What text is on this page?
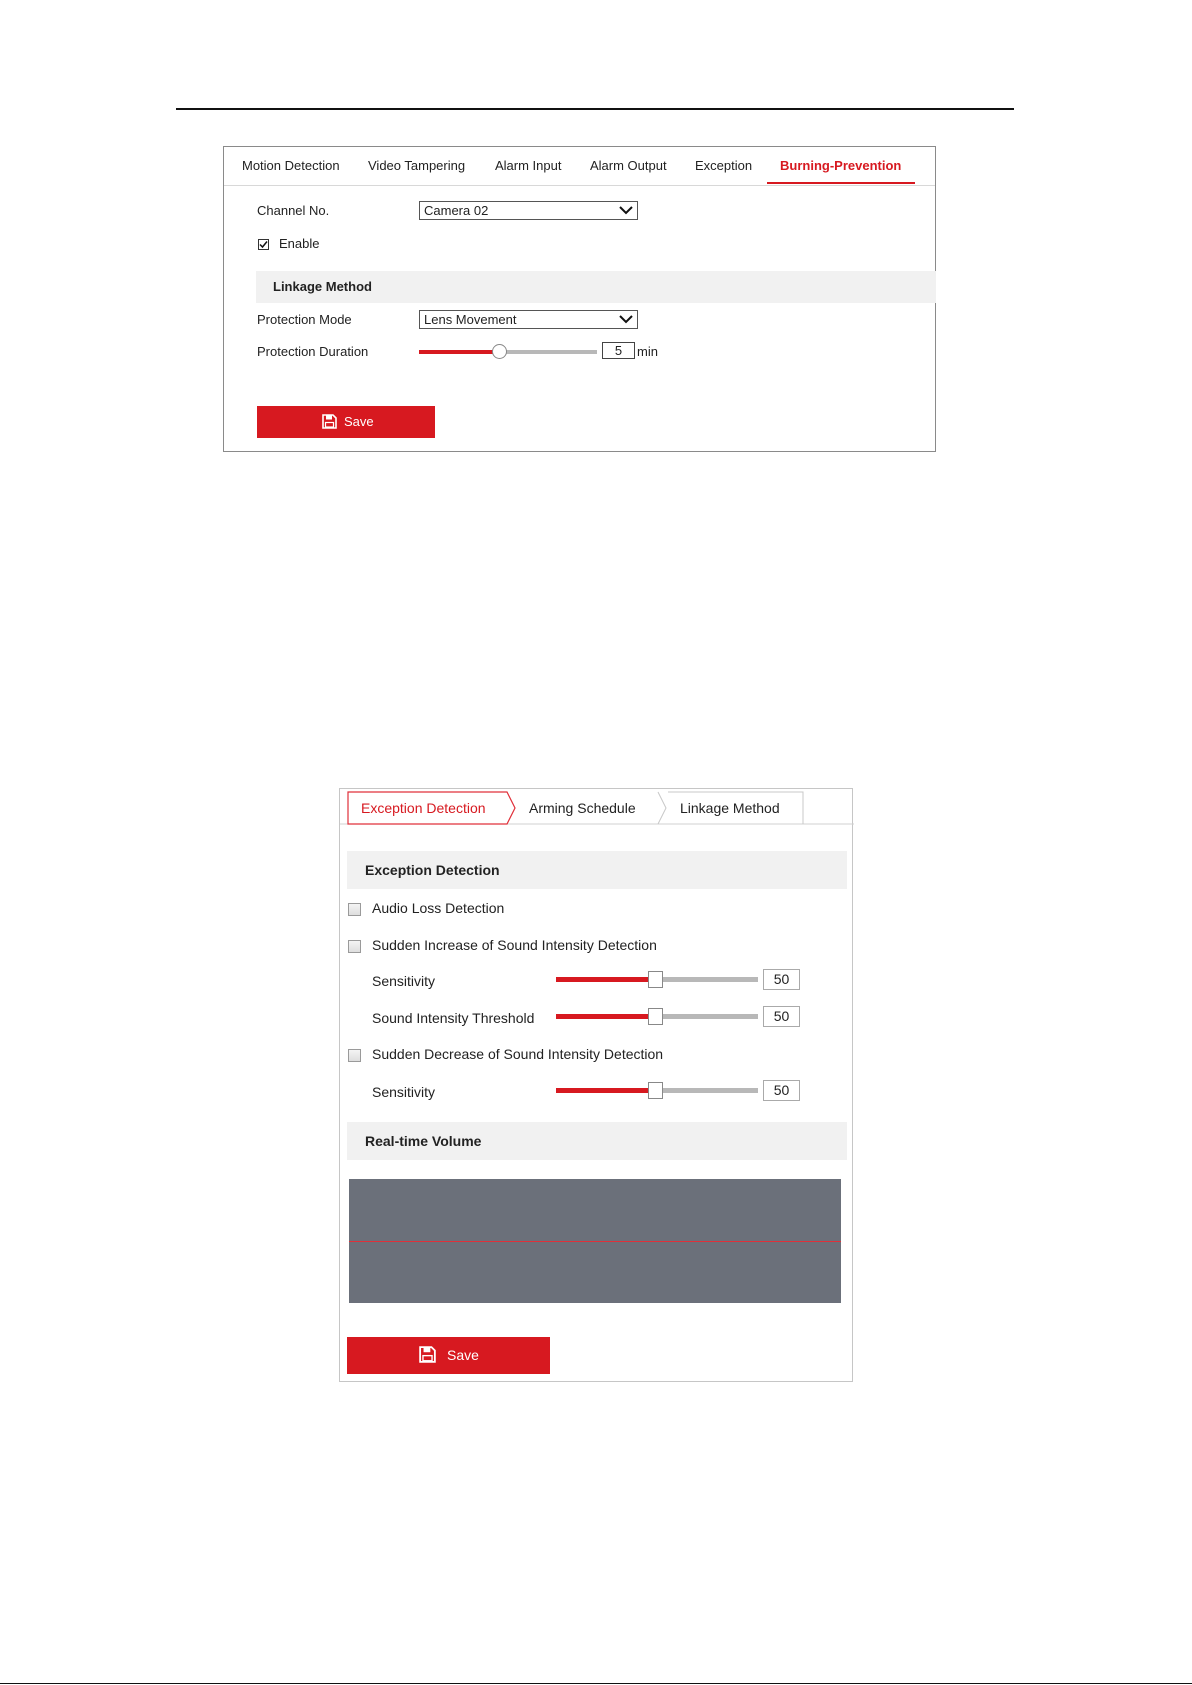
Motion Detection Video Tampering Alarm Input Alarm Output Exception Burning-Prevention
Channel No.	Camera 02
Enable
Linkage Method
Protection Mode	Lens Movement
Protection Duration	5	min
Save
Exception Detection	Arming Schedule	Linkage Method
Exception Detection
Audio Loss Detection
Sudden Increase of Sound Intensity Detection
Sensitivity	50
Sound Intensity Threshold	50
Sudden Decrease of Sound Intensity Detection
Sensitivity	50
Real-time Volume
Save
